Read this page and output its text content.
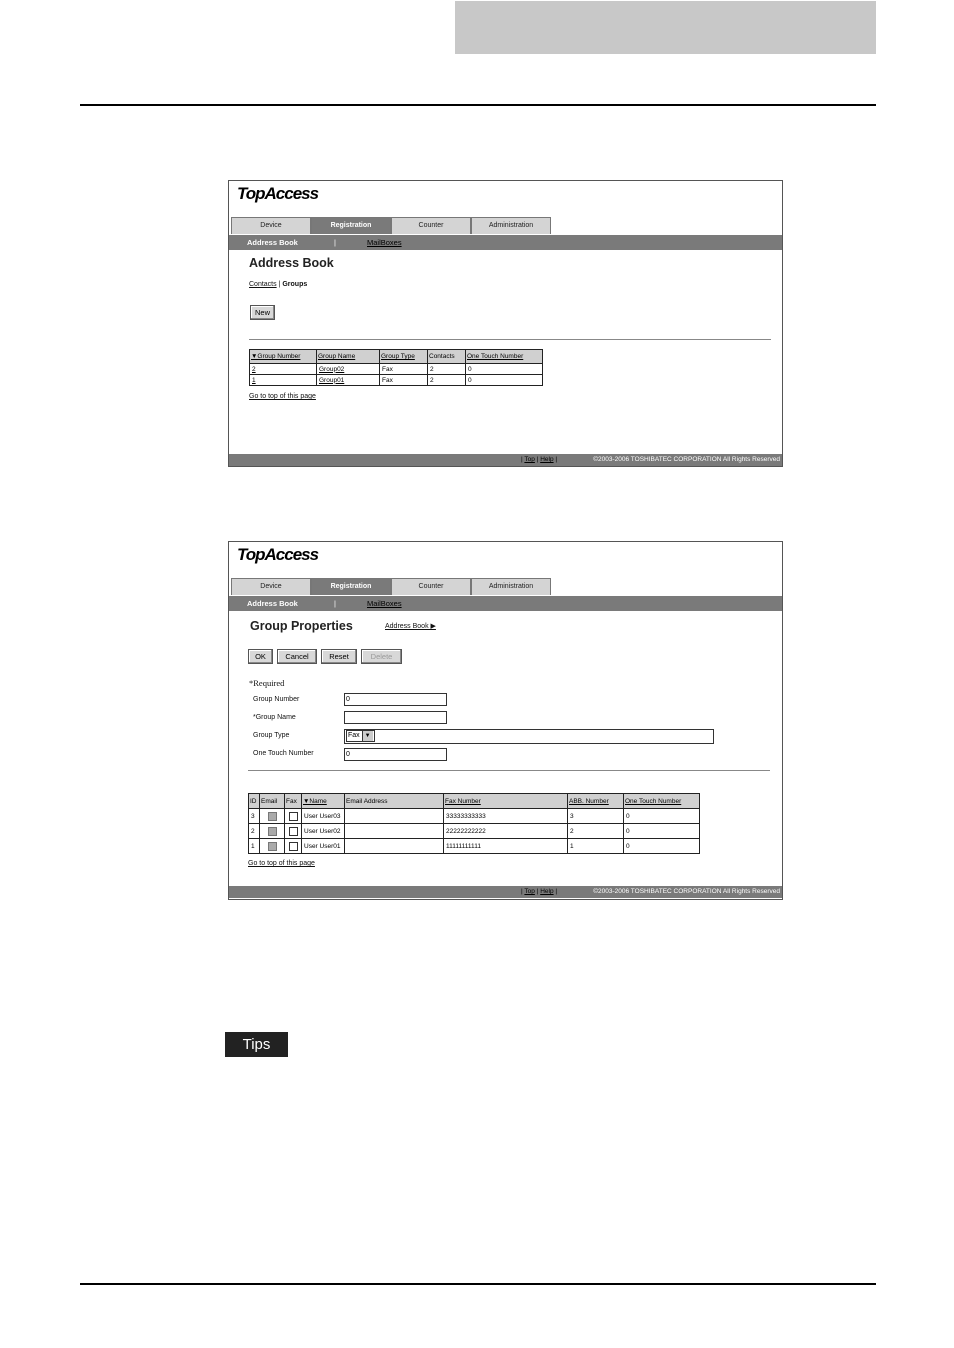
TopAccess
Device	Registration	Counter	Administration
Address Book	|	MailBoxes
Address Book
Contacts | Groups
New
▼Group Number	Group Name	Group Type	Contacts	One Touch Number
2	Group02	Fax	2	0
1	Group01	Fax	2	0
Go to top of this page
| Top | Help |	©2003-2006 TOSHIBATEC CORPORATION All Rights Reserved
TopAccess
Device	Registration	Counter	Administration
Address Book	|	MailBoxes
Group Properties	Address Book ▶
OK	Cancel	Reset	Delete
*Required
Group Number	0
*Group Name
Group Type	Fax ▼
One Touch Number	0
ID	Email	Fax	▼Name	Email Address	Fax Number	ABB. Number	One Touch Number
3			User User03		33333333333	3	0
2			User User02		22222222222	2	0
1			User User01		11111111111	1	0
Go to top of this page
| Top | Help |	©2003-2006 TOSHIBATEC CORPORATION All Rights Reserved
Tips
